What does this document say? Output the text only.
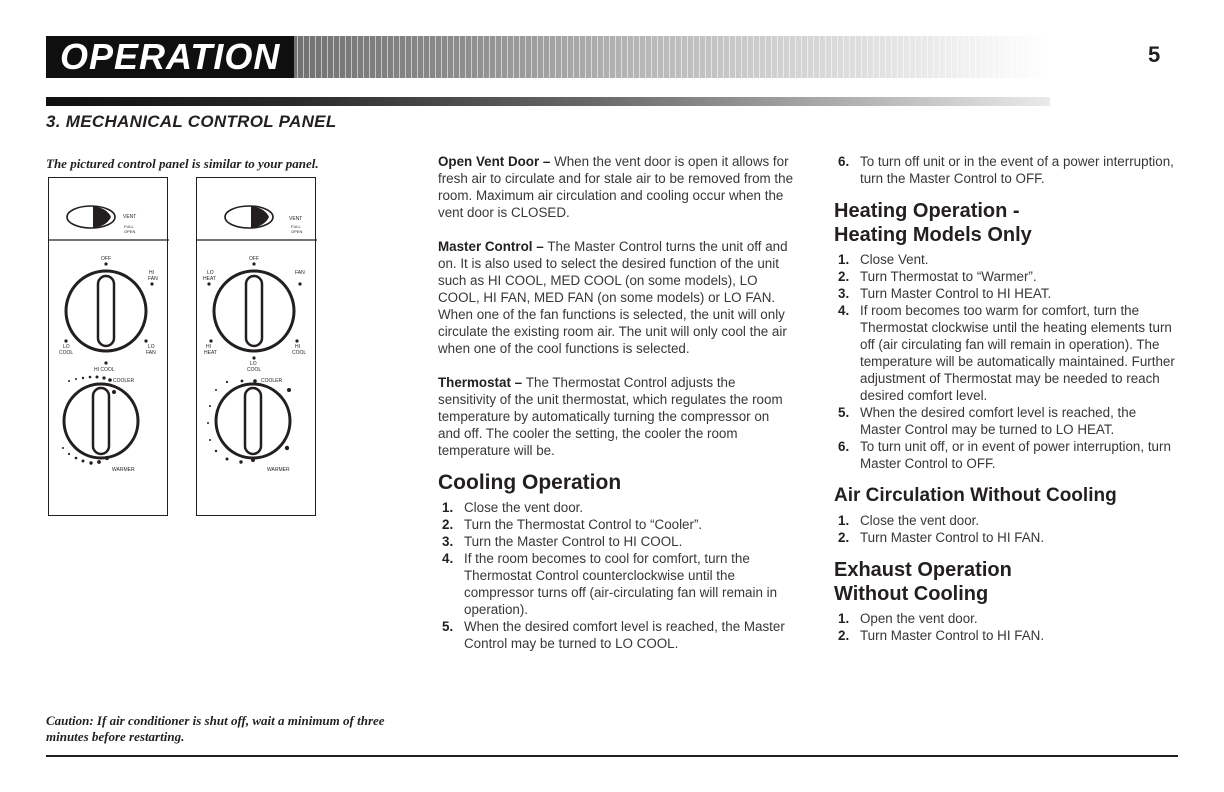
OPERATION	5
3. MECHANICAL CONTROL PANEL
The pictured control panel is similar to your panel.
VENT
FULL
OPEN
OFF
HI
FAN
LO
COOL
LO
FAN
HI COOL
COOLER
WARMER
VENT
FULL
OPEN
OFF
LO
HEAT
FAN
HI
HEAT
HI
COOL
LO
COOL
COOLER
WARMER
Caution: If air conditioner is shut off, wait a minimum of three minutes before restarting.

Open Vent Door – When the vent door is open it allows for fresh air to circulate and for stale air to be removed from the room. Maximum air circulation and cooling occur when the vent door is CLOSED.

Master Control – The Master Control turns the unit off and on. It is also used to select the desired function of the unit such as HI COOL, MED COOL (on some models), LO COOL, HI FAN, MED FAN (on some models) or LO FAN. When one of the fan functions is selected, the unit will only circulate the existing room air. The unit will only cool the air when one of the cool functions is selected.

Thermostat – The Thermostat Control adjusts the sensitivity of the unit thermostat, which regulates the room temperature by automatically turning the compressor on and off. The cooler the setting, the cooler the room temperature will be.

Cooling Operation
1. Close the vent door.
2. Turn the Thermostat Control to “Cooler”.
3. Turn the Master Control to HI COOL.
4. If the room becomes to cool for comfort, turn the Thermostat Control counterclockwise until the compressor turns off (air-circulating fan will remain in operation).
5. When the desired comfort level is reached, the Master Control may be turned to LO COOL.
6. To turn off unit or in the event of a power interruption, turn the Master Control to OFF.
Heating Operation -
Heating Models Only
1. Close Vent.
2. Turn Thermostat to “Warmer”.
3. Turn Master Control to HI HEAT.
4. If room becomes too warm for comfort, turn the Thermostat clockwise until the heating elements turn off (air circulating fan will remain in operation). The temperature will be automatically maintained. Further adjustment of Thermostat may be needed to reach desired comfort level.
5. When the desired comfort level is reached, the Master Control may be turned to LO HEAT.
6. To turn unit off, or in event of power interruption, turn Master Control to OFF.
Air Circulation Without Cooling
1. Close the vent door.
2. Turn Master Control to HI FAN.
Exhaust Operation
Without Cooling
1. Open the vent door.
2. Turn Master Control to HI FAN.
